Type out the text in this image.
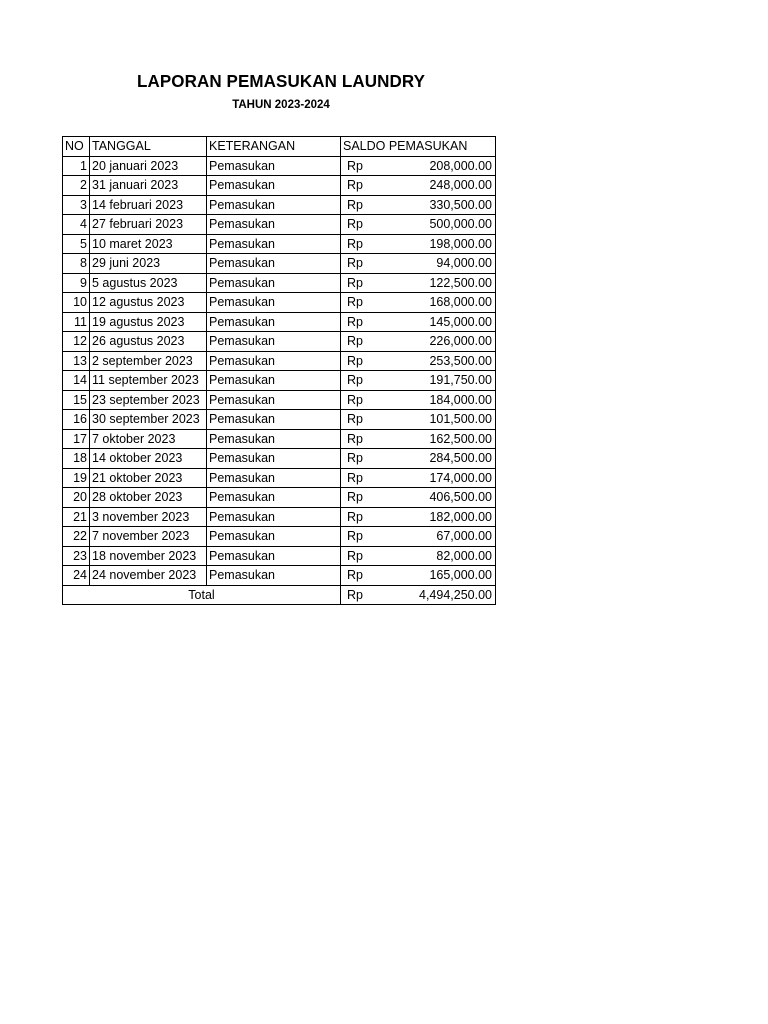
LAPORAN PEMASUKAN LAUNDRY
TAHUN 2023-2024
NO	TANGGAL	KETERANGAN	SALDO PEMASUKAN
1	20 januari 2023	Pemasukan	Rp 208,000.00

2	31 januari 2023	Pemasukan	Rp 248,000.00

3	14 februari 2023	Pemasukan	Rp 330,500.00

4	27 februari 2023	Pemasukan	Rp 500,000.00

5	10 maret 2023	Pemasukan	Rp 198,000.00

8	29 juni 2023	Pemasukan	Rp 94,000.00

9	5 agustus 2023	Pemasukan	Rp 122,500.00

10	12 agustus 2023	Pemasukan	Rp 168,000.00

11	19 agustus 2023	Pemasukan	Rp 145,000.00

12	26 agustus 2023	Pemasukan	Rp 226,000.00

13	2 september 2023	Pemasukan	Rp 253,500.00

14	11 september 2023	Pemasukan	Rp 191,750.00

15	23 september 2023	Pemasukan	Rp 184,000.00

16	30 september 2023	Pemasukan	Rp 101,500.00

17	7 oktober 2023	Pemasukan	Rp 162,500.00

18	14 oktober 2023	Pemasukan	Rp 284,500.00

19	21 oktober 2023	Pemasukan	Rp 174,000.00

20	28 oktober 2023	Pemasukan	Rp 406,500.00

21	3 november 2023	Pemasukan	Rp 182,000.00

22	7 november 2023	Pemasukan	Rp 67,000.00

23	18 november 2023	Pemasukan	Rp 82,000.00

24	24 november 2023	Pemasukan	Rp 165,000.00

Total			Rp 4,494,250.00
